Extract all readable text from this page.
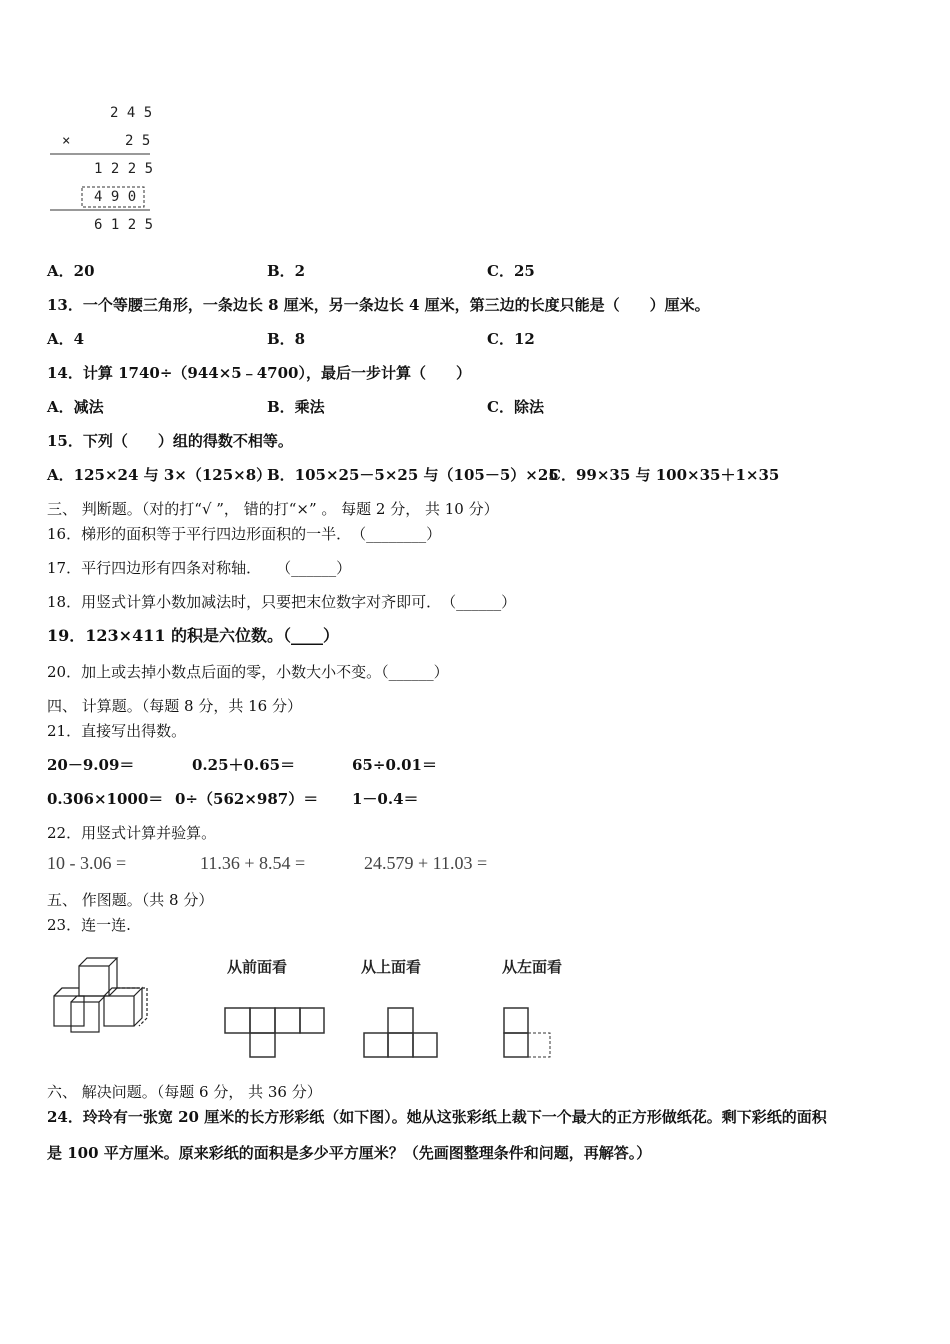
2 4 5
×	2 5
1 2 2 5
4 9 0
6 1 2 5
A．20	B．2	C．25
13．一个等腰三角形，一条边长 8 厘米，另一条边长 4 厘米，第三边的长度只能是（　　）厘米。
A．4	B．8	C．12
14．计算 1740÷（944×5﹣4700），最后一步计算（　　）
A．减法	B．乘法	C．除法
15．下列（　　）组的得数不相等。
A．125×24 与 3×（125×8）
B．105×25－5×25 与（105－5）×25
C．99×35 与 100×35＋1×35
三、 判断题。（对的打“√ ”， 错的打“×” 。 每题 2 分， 共 10 分）
16．梯形的面积等于平行四边形面积的一半．　（________）
17．平行四边形有四条对称轴．　　（______）
18．用竖式计算小数加减法时，只要把末位数字对齐即可．　（______）
19．123×411 的积是六位数。（____）
20．加上或去掉小数点后面的零，小数大小不变。（______）
四、 计算题。（每题 8 分，共 16 分）
21．直接写出得数。
20－9.09＝	0.25＋0.65＝	65÷0.01＝
0.306×1000＝ 0÷（562×987）＝ 1－0.4＝
22．用竖式计算并验算。
10 - 3.06 =	11.36 + 8.54 =	24.579 + 11.03 =
五、 作图题。（共 8 分）
23．连一连.
从前面看	从上面看	从左面看
六、 解决问题。（每题 6 分， 共 36 分）
24．玲玲有一张宽 20 厘米的长方形彩纸（如下图）。她从这张彩纸上裁下一个最大的正方形做纸花。剩下彩纸的面积
是 100 平方厘米。原来彩纸的面积是多少平方厘米？（先画图整理条件和问题，再解答。）
